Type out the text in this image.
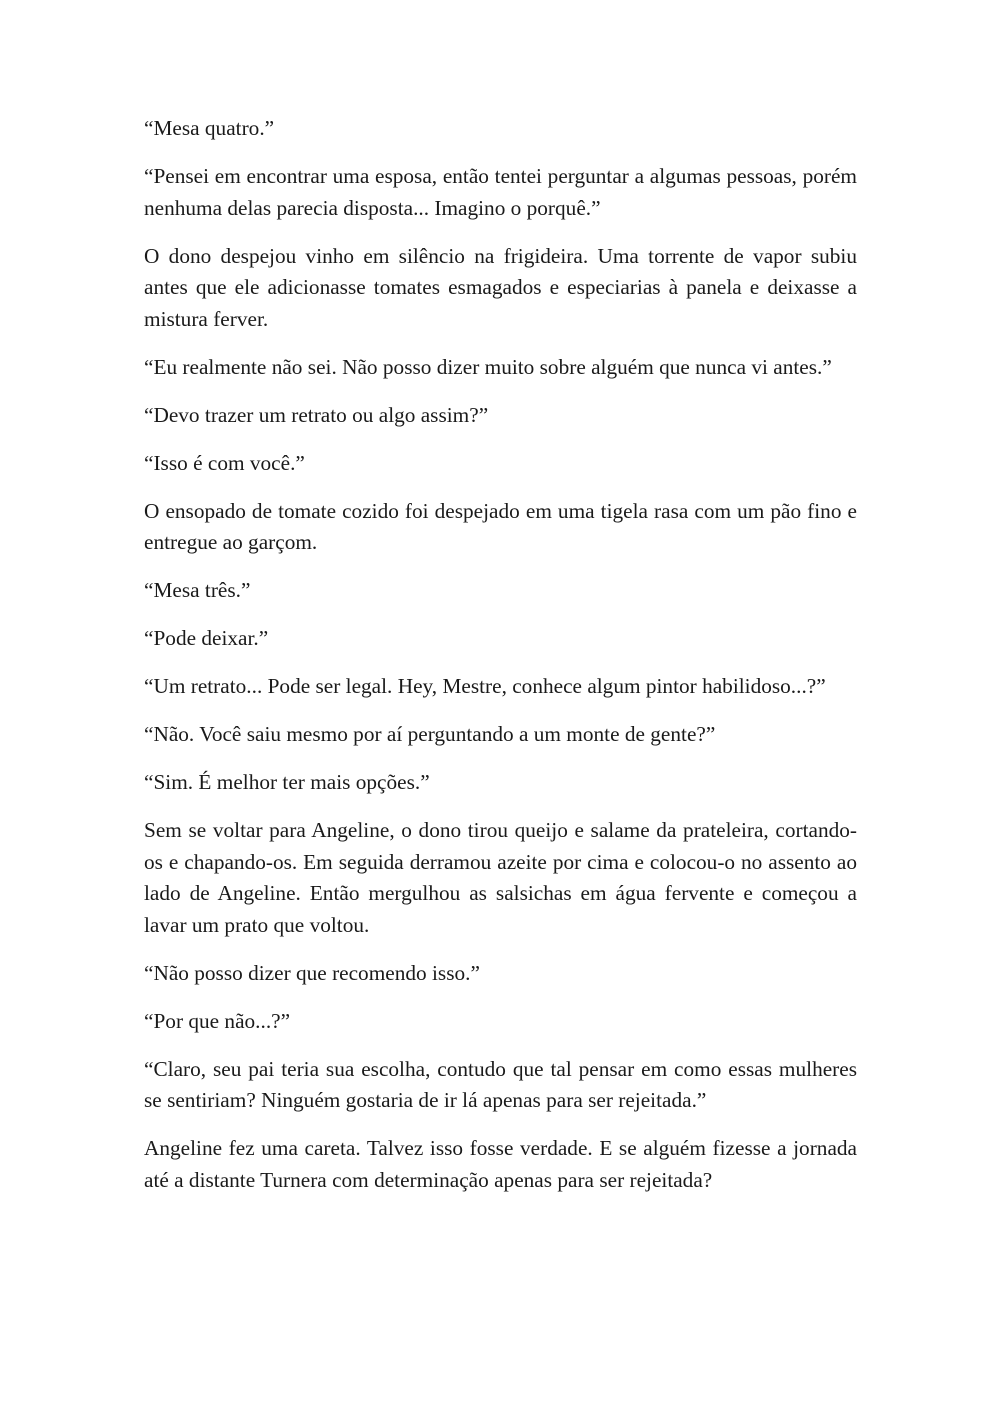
“Mesa quatro.”

“Pensei em encontrar uma esposa, então tentei perguntar a algumas pessoas, porém nenhuma delas parecia disposta... Imagino o porquê.”

O dono despejou vinho em silêncio na frigideira. Uma torrente de vapor subiu antes que ele adicionasse tomates esmagados e especiarias à panela e deixasse a mistura ferver.

“Eu realmente não sei. Não posso dizer muito sobre alguém que nunca vi antes.”

“Devo trazer um retrato ou algo assim?”

“Isso é com você.”

O ensopado de tomate cozido foi despejado em uma tigela rasa com um pão fino e entregue ao garçom.

“Mesa três.”

“Pode deixar.”

“Um retrato... Pode ser legal. Hey, Mestre, conhece algum pintor habilidoso...?”

“Não. Você saiu mesmo por aí perguntando a um monte de gente?”

“Sim. É melhor ter mais opções.”

Sem se voltar para Angeline, o dono tirou queijo e salame da prateleira, cortando-os e chapando-os. Em seguida derramou azeite por cima e colocou-o no assento ao lado de Angeline. Então mergulhou as salsichas em água fervente e começou a lavar um prato que voltou.

“Não posso dizer que recomendo isso.”

“Por que não...?”

“Claro, seu pai teria sua escolha, contudo que tal pensar em como essas mulheres se sentiriam? Ninguém gostaria de ir lá apenas para ser rejeitada.”

Angeline fez uma careta. Talvez isso fosse verdade. E se alguém fizesse a jornada até a distante Turnera com determinação apenas para ser rejeitada?
